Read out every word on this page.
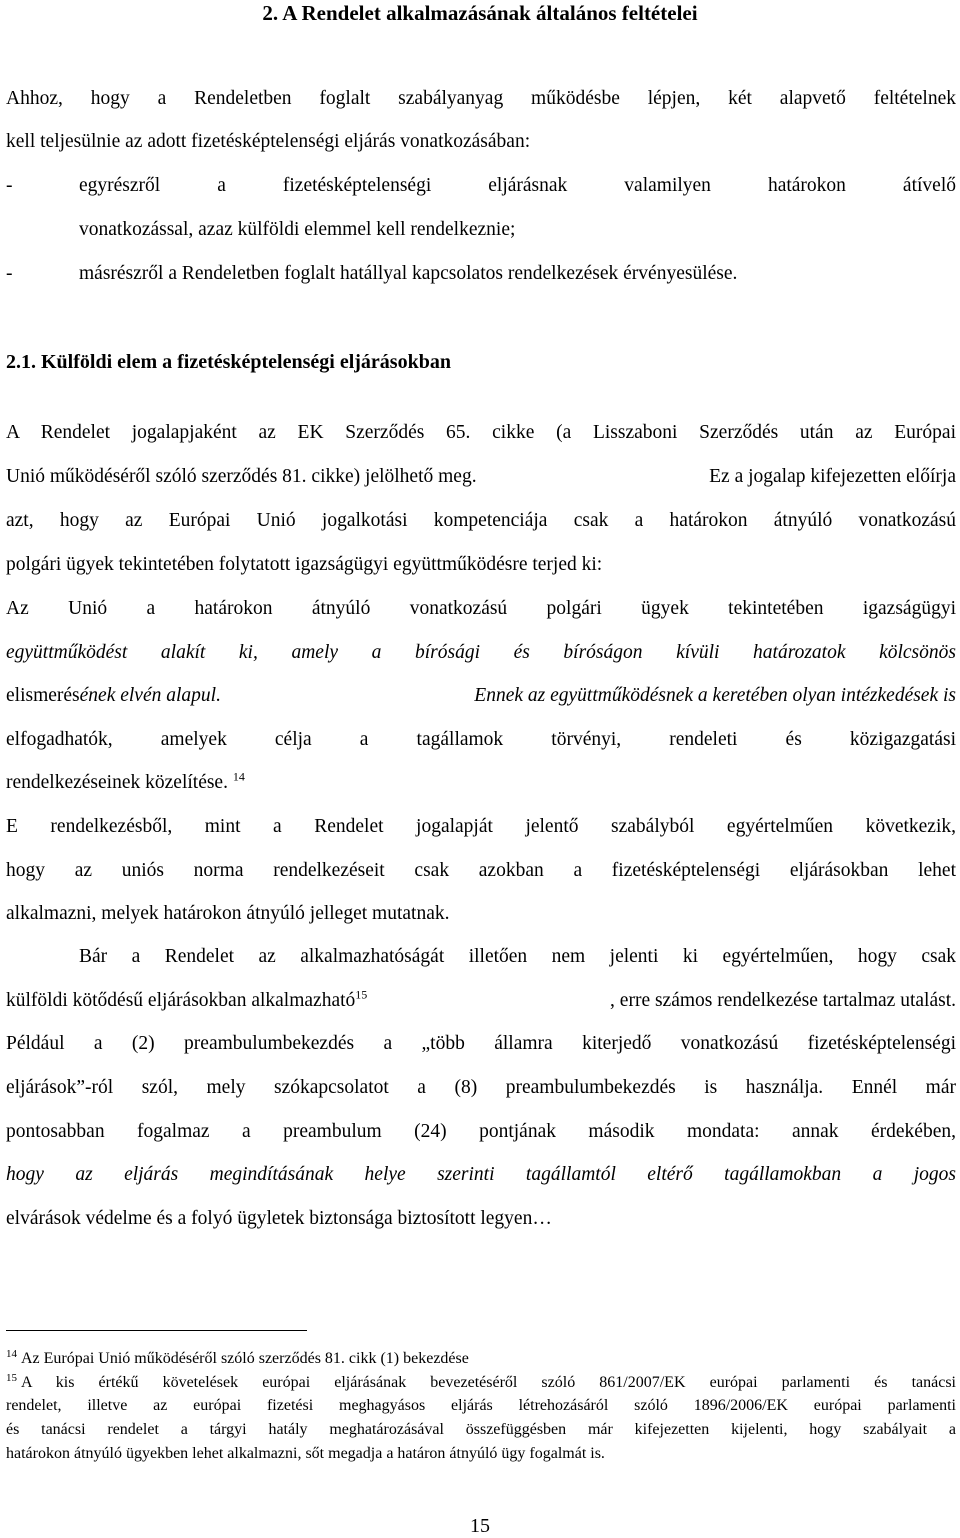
2. A Rendelet alkalmazásának általános feltételei
Ahhoz, hogy a Rendeletben foglalt szabályanyag működésbe lépjen, két alapvető feltételnek
kell teljesülnie az adott fizetésképtelenségi eljárás vonatkozásában:
-	egyrészről a fizetésképtelenségi eljárásnak valamilyen határokon átívelő
vonatkozással, azaz külföldi elemmel kell rendelkeznie;
-	másrészről a Rendeletben foglalt hatállyal kapcsolatos rendelkezések érvényesülése.
2.1. Külföldi elem a fizetésképtelenségi eljárásokban
A Rendelet jogalapjaként az EK Szerződés 65. cikke (a Lisszaboni Szerződés után az Európai
Unió működéséről szóló szerződés 81. cikke) jelölhető meg.	Ez a jogalap kifejezetten előírja
azt, hogy az Európai Unió jogalkotási kompetenciája csak a határokon átnyúló vonatkozású
polgári ügyek tekintetében folytatott igazságügyi együttműködésre terjed ki:
Az Unió a határokon átnyúló vonatkozású polgári ügyek tekintetében igazságügyi
együttműködést alakít ki, amely a bírósági és bíróságon kívüli határozatok kölcsönös
elismerésének elvén alapul.	Ennek az együttműködésnek a keretében olyan intézkedések is
elfogadhatók, amelyek célja a tagállamok törvényi, rendeleti és közigazgatási
rendelkezéseinek közelítése. $^{14}$
E rendelkezésből, mint a Rendelet jogalapját jelentő szabályból egyértelműen következik,
hogy az uniós norma rendelkezéseit csak azokban a fizetésképtelenségi eljárásokban lehet
alkalmazni, melyek határokon átnyúló jelleget mutatnak.
Bár a Rendelet az alkalmazhatóságát illetően nem jelenti ki egyértelműen, hogy csak
külföldi kötődésű eljárásokban alkalmazható$^{15}$	, erre számos rendelkezése tartalmaz utalást.
Például a (2) preambulumbekezdés a „több államra kiterjedő vonatkozású fizetésképtelenségi
eljárások”-ról szól, mely szókapcsolatot a (8) preambulumbekezdés is használja. Ennél már
pontosabban fogalmaz a preambulum (24) pontjának második mondata: annak érdekében,
hogy az eljárás megindításának helye szerinti tagállamtól eltérő tagállamokban a jogos
elvárások védelme és a folyó ügyletek biztonsága biztosított legyen…
$^{14}$ Az Európai Unió működéséről szóló szerződés 81. cikk (1) bekezdése
$^{15}$ A kis értékű követelések európai eljárásának bevezetéséről szóló 861/2007/EK európai parlamenti és tanácsi
rendelet, illetve az európai fizetési meghagyásos eljárás létrehozásáról szóló 1896/2006/EK európai parlamenti
és tanácsi rendelet a tárgyi hatály meghatározásával összefüggésben már kifejezetten kijelenti, hogy szabályait a
határokon átnyúló ügyekben lehet alkalmazni, sőt megadja a határon átnyúló ügy fogalmát is.
15
